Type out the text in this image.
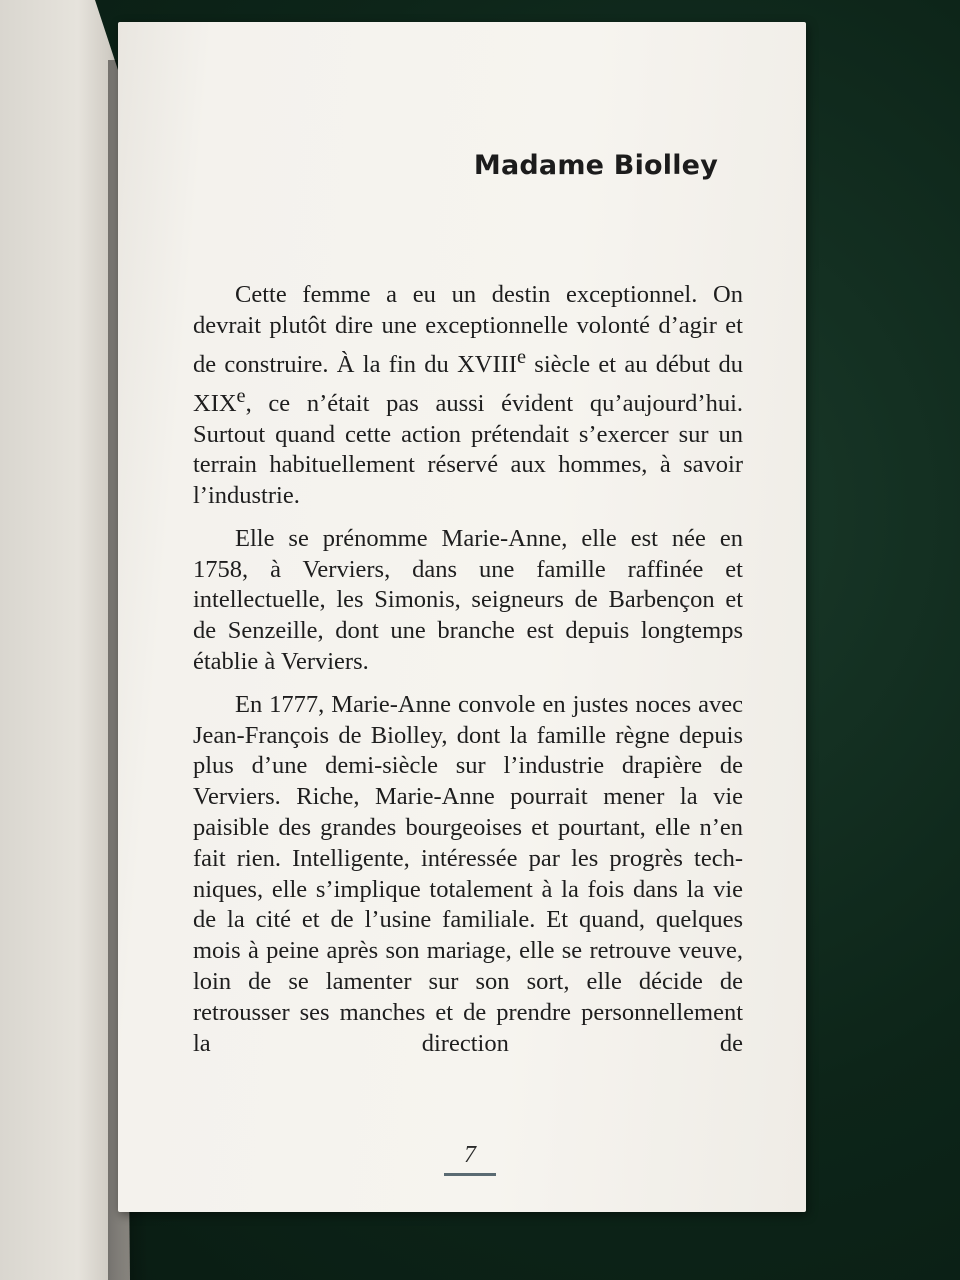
Madame Biolley

Cette femme a eu un destin exceptionnel. On devrait plutôt dire une exceptionnelle volonté d’agir et de construire. À la fin du XVIIIe siècle et au début du XIXe, ce n’était pas aussi évident qu’aujourd’hui. Surtout quand cette action prétendait s’exercer sur un terrain habituellement réservé aux hommes, à savoir l’industrie.

Elle se prénomme Marie-Anne, elle est née en 1758, à Verviers, dans une famille raffinée et intellectuelle, les Simonis, seigneurs de Barbençon et de Senzeille, dont une branche est depuis longtemps établie à Verviers.

En 1777, Marie-Anne convole en justes noces avec Jean-François de Biolley, dont la famille règne depuis plus d’une demi-siècle sur l’industrie drapière de Verviers. Riche, Marie-Anne pourrait mener la vie paisible des grandes bourgeoises et pourtant, elle n’en fait rien. Intelligente, intéressée par les progrès techniques, elle s’implique totalement à la fois dans la vie de la cité et de l’usine familiale. Et quand, quelques mois à peine après son mariage, elle se retrouve veuve, loin de se lamenter sur son sort, elle décide de retrousser ses manches et de prendre personnellement la direction de

7
